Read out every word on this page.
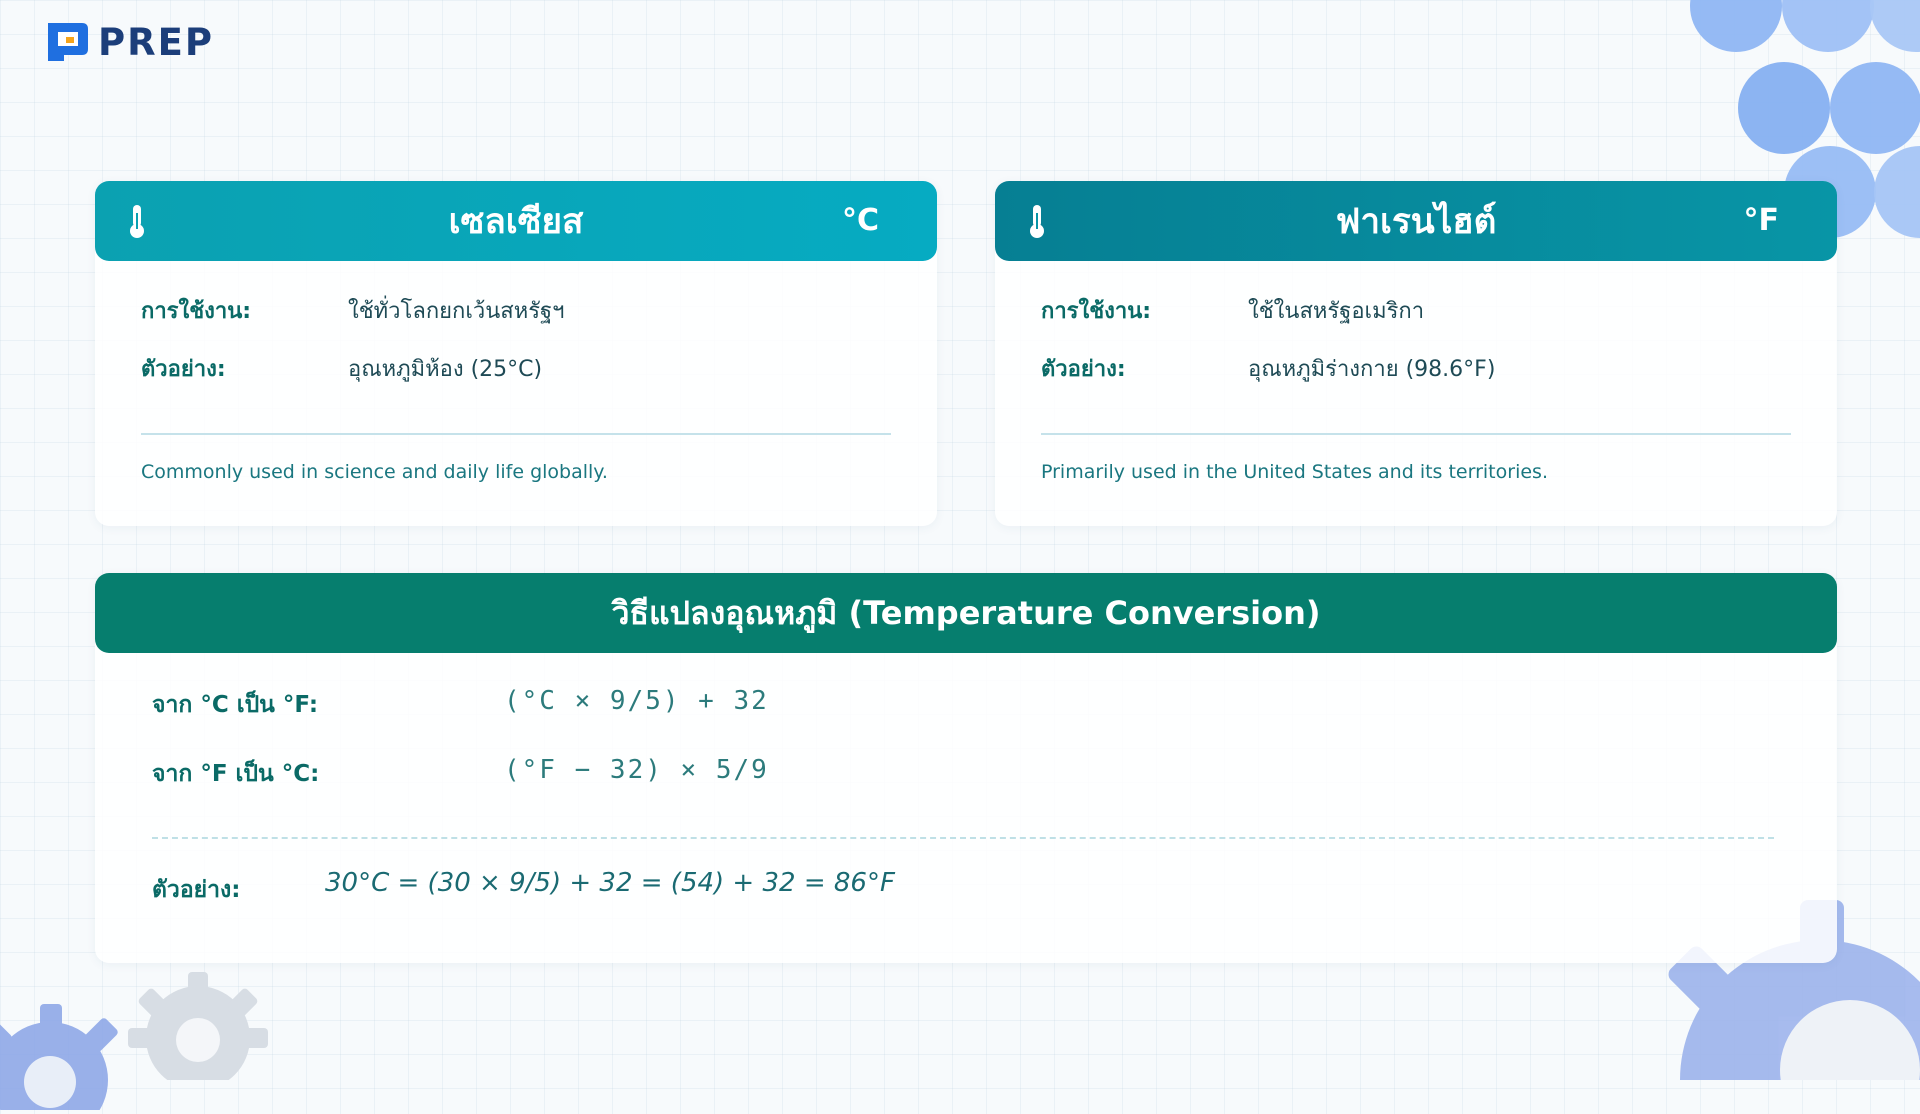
PREP
เซลเซียส	°C
การใช้งาน:	ใช้ทั่วโลกยกเว้นสหรัฐฯ
ตัวอย่าง:	อุณหภูมิห้อง (25°C)
Commonly used in science and daily life globally.
ฟาเรนไฮต์	°F
การใช้งาน:	ใช้ในสหรัฐอเมริกา
ตัวอย่าง:	อุณหภูมิร่างกาย (98.6°F)
Primarily used in the United States and its territories.
วิธีแปลงอุณหภูมิ (Temperature Conversion)
จาก °C เป็น °F:	(°C × 9/5) + 32
จาก °F เป็น °C:	(°F − 32) × 5/9
ตัวอย่าง:	30°C = (30 × 9/5) + 32 = (54) + 32 = 86°F
